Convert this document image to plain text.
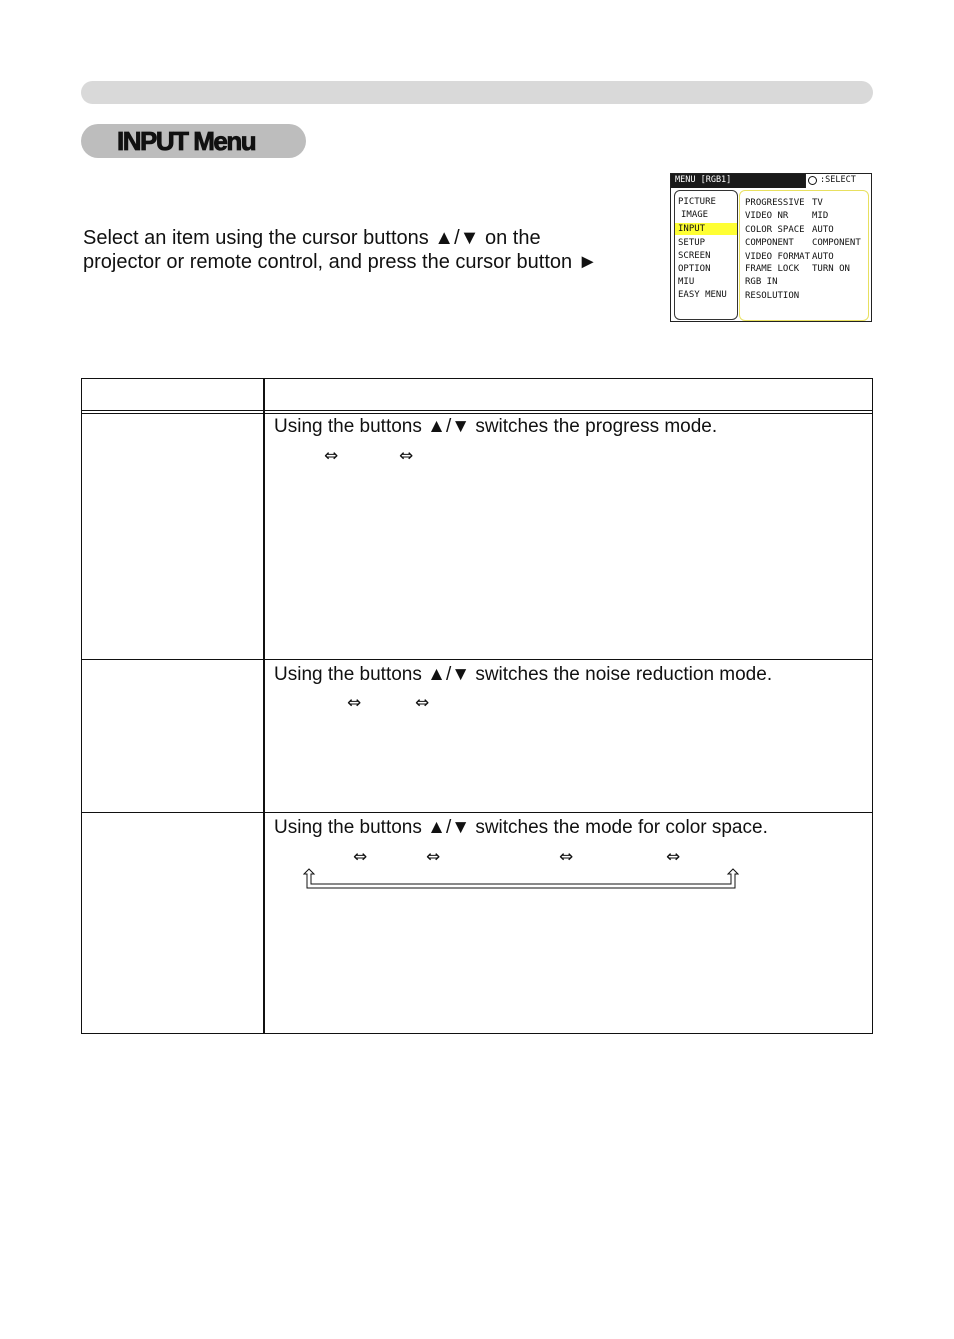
INPUT Menu
Select an item using the cursor buttons ▲/▼ on the
projector or remote control, and press the cursor button ►
MENU [RGB1]	:SELECT
PICTURE
IMAGE
INPUT
SETUP
SCREEN
OPTION
MIU
EASY MENU
PROGRESSIVE TV
VIDEO NR	MID
COLOR SPACE AUTO
COMPONENT COMPONENT
VIDEO FORMAT AUTO
FRAME LOCK TURN ON
RGB IN
RESOLUTION
Using the buttons ▲/▼ switches the progress mode.
⇔	⇔
Using the buttons ▲/▼ switches the noise reduction mode.
⇔	⇔
Using the buttons ▲/▼ switches the mode for color space.
⇔	⇔	⇔	⇔
